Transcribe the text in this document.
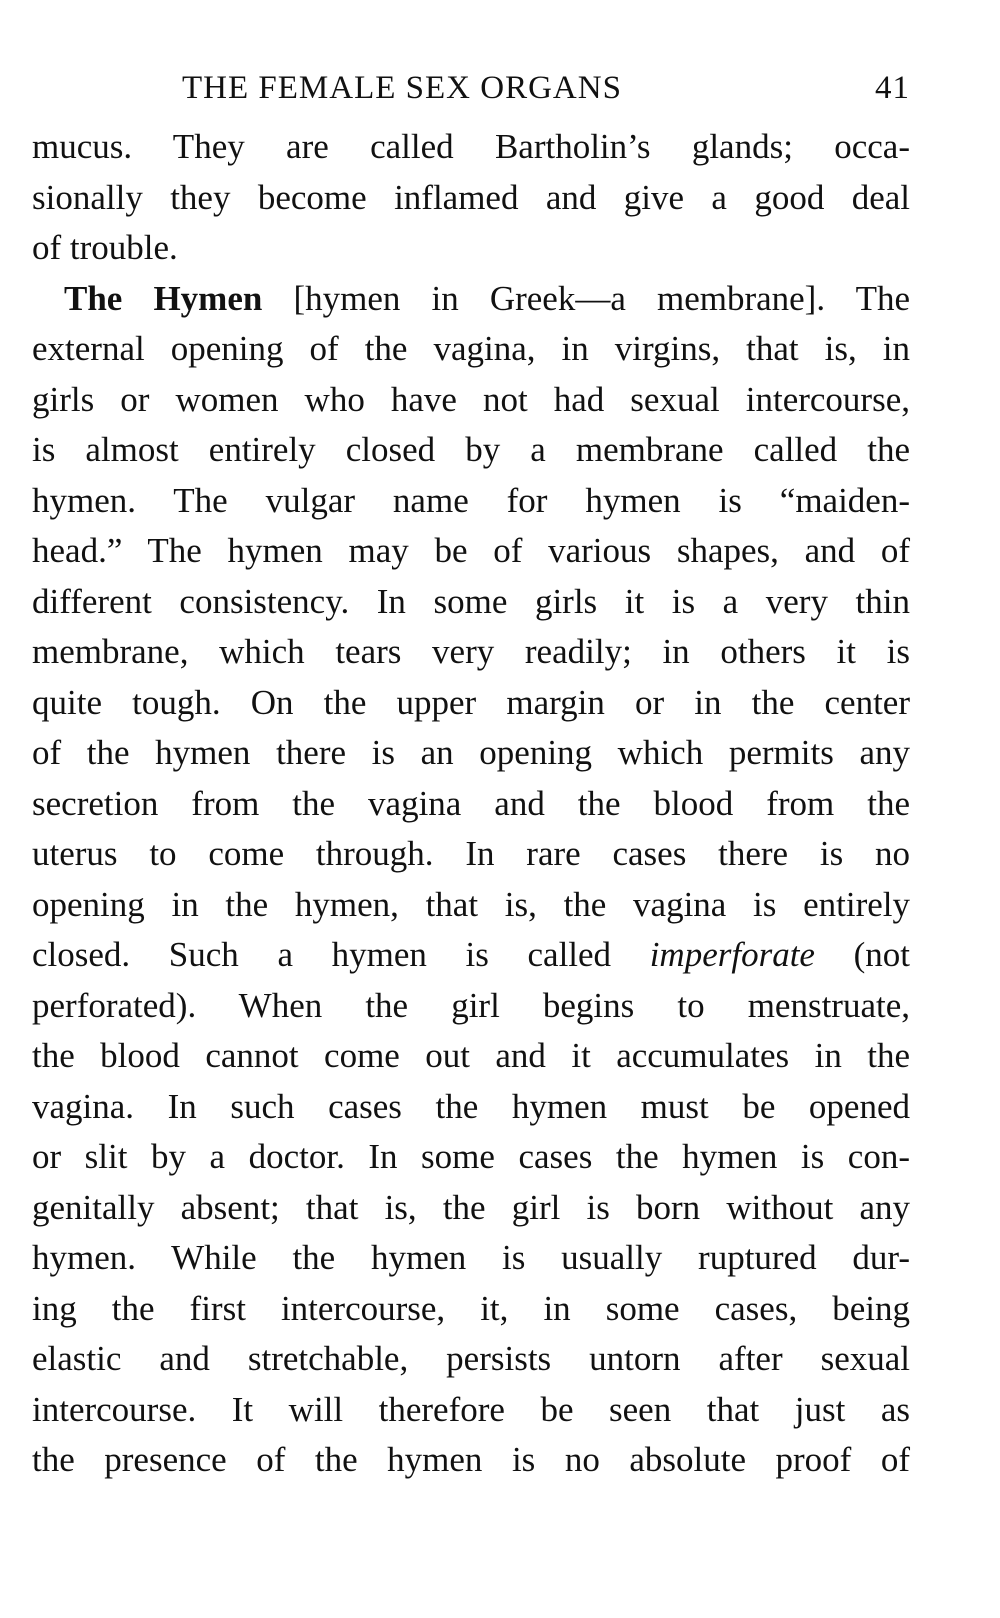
THE FEMALE SEX ORGANS	41
mucus. They are called Bartholin’s glands; occa-
sionally they become inflamed and give a good deal
of trouble.
The Hymen [hymen in Greek—a membrane]. The
external opening of the vagina, in virgins, that is, in
girls or women who have not had sexual intercourse,
is almost entirely closed by a membrane called the
hymen. The vulgar name for hymen is “maiden-
head.” The hymen may be of various shapes, and of
different consistency. In some girls it is a very thin
membrane, which tears very readily; in others it is
quite tough. On the upper margin or in the center
of the hymen there is an opening which permits any
secretion from the vagina and the blood from the
uterus to come through. In rare cases there is no
opening in the hymen, that is, the vagina is entirely
closed. Such a hymen is called imperforate (not
perforated). When the girl begins to menstruate,
the blood cannot come out and it accumulates in the
vagina. In such cases the hymen must be opened
or slit by a doctor. In some cases the hymen is con-
genitally absent; that is, the girl is born without any
hymen. While the hymen is usually ruptured dur-
ing the first intercourse, it, in some cases, being
elastic and stretchable, persists untorn after sexual
intercourse. It will therefore be seen that just as
the presence of the hymen is no absolute proof of
